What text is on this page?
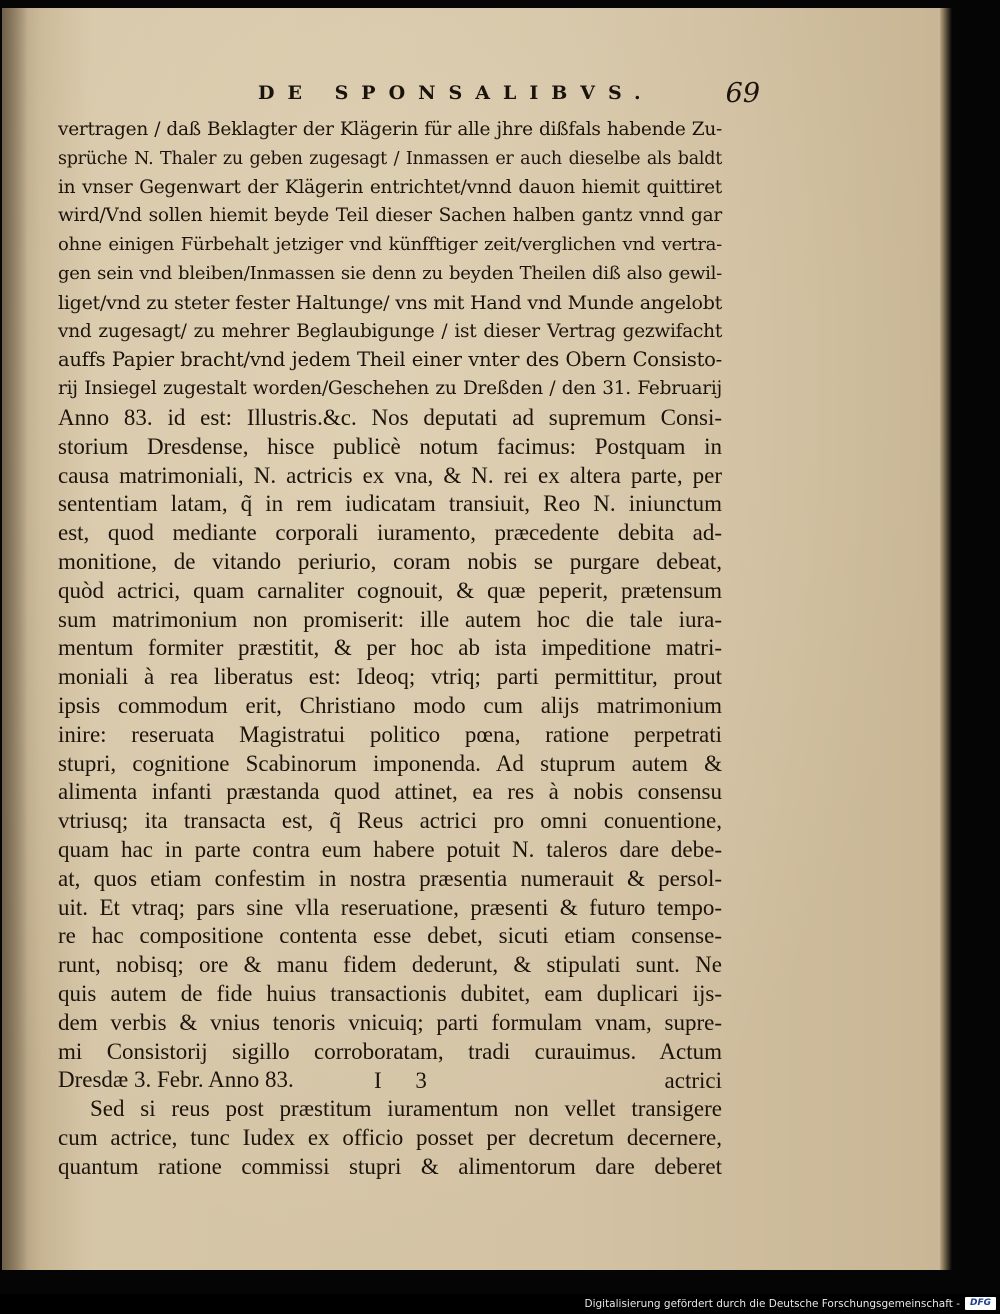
DE SPONSALIBVS.	69
vertragen / daß Beklagter der Klägerin für alle jhre dißfals habende Zu-
sprüche N. Thaler zu geben zugesagt / Inmassen er auch dieselbe als baldt
in vnser Gegenwart der Klägerin entrichtet/vnnd dauon hiemit quittiret
wird/Vnd sollen hiemit beyde Teil dieser Sachen halben gantz vnnd gar
ohne einigen Fürbehalt jetziger vnd künfftiger zeit/verglichen vnd vertra-
gen sein vnd bleiben/Inmassen sie denn zu beyden Theilen diß also gewil-
liget/vnd zu steter fester Haltunge/ vns mit Hand vnd Munde angelobt
vnd zugesagt/ zu mehrer Beglaubigunge / ist dieser Vertrag gezwifacht
auffs Papier bracht/vnd jedem Theil einer vnter des Obern Consisto-
rij Insiegel zugestalt worden/Geschehen zu Dreßden / den 31. Februarij
Anno 83. id est: Illustris.&c. Nos deputati ad supremum Consi-
storium Dresdense, hisce publicè notum facimus: Postquam in
causa matrimoniali, N. actricis ex vna, & N. rei ex altera parte, per
sententiam latam, q̃ in rem iudicatam transiuit, Reo N. iniunctum
est, quod mediante corporali iuramento, præcedente debita ad-
monitione, de vitando periurio, coram nobis se purgare debeat,
quòd actrici, quam carnaliter cognouit, & quæ peperit, prætensum
sum matrimonium non promiserit: ille autem hoc die tale iura-
mentum formiter præstitit, & per hoc ab ista impeditione matri-
moniali à rea liberatus est: Ideoq; vtriq; parti permittitur, prout
ipsis commodum erit, Christiano modo cum alijs matrimonium
inire: reseruata Magistratui politico pœna, ratione perpetrati
stupri, cognitione Scabinorum imponenda. Ad stuprum autem &
alimenta infanti præstanda quod attinet, ea res à nobis consensu
vtriusq; ita transacta est, q̃ Reus actrici pro omni conuentione,
quam hac in parte contra eum habere potuit N. taleros dare debe-
at, quos etiam confestim in nostra præsentia numerauit & persol-
uit. Et vtraq; pars sine vlla reseruatione, præsenti & futuro tempo-
re hac compositione contenta esse debet, sicuti etiam consense-
runt, nobisq; ore & manu fidem dederunt, & stipulati sunt. Ne
quis autem de fide huius transactionis dubitet, eam duplicari ijs-
dem verbis & vnius tenoris vnicuiq; parti formulam vnam, supre-
mi Consistorij sigillo corroboratam, tradi curauimus. Actum
Dresdæ 3. Febr. Anno 83.
Sed si reus post præstitum iuramentum non vellet transigere
cum actrice, tunc Iudex ex officio posset per decretum decernere,
quantum ratione commissi stupri & alimentorum dare deberet
I 3	actrici
Digitalisierung gefördert durch die Deutsche Forschungsgemeinschaft -	DFG
